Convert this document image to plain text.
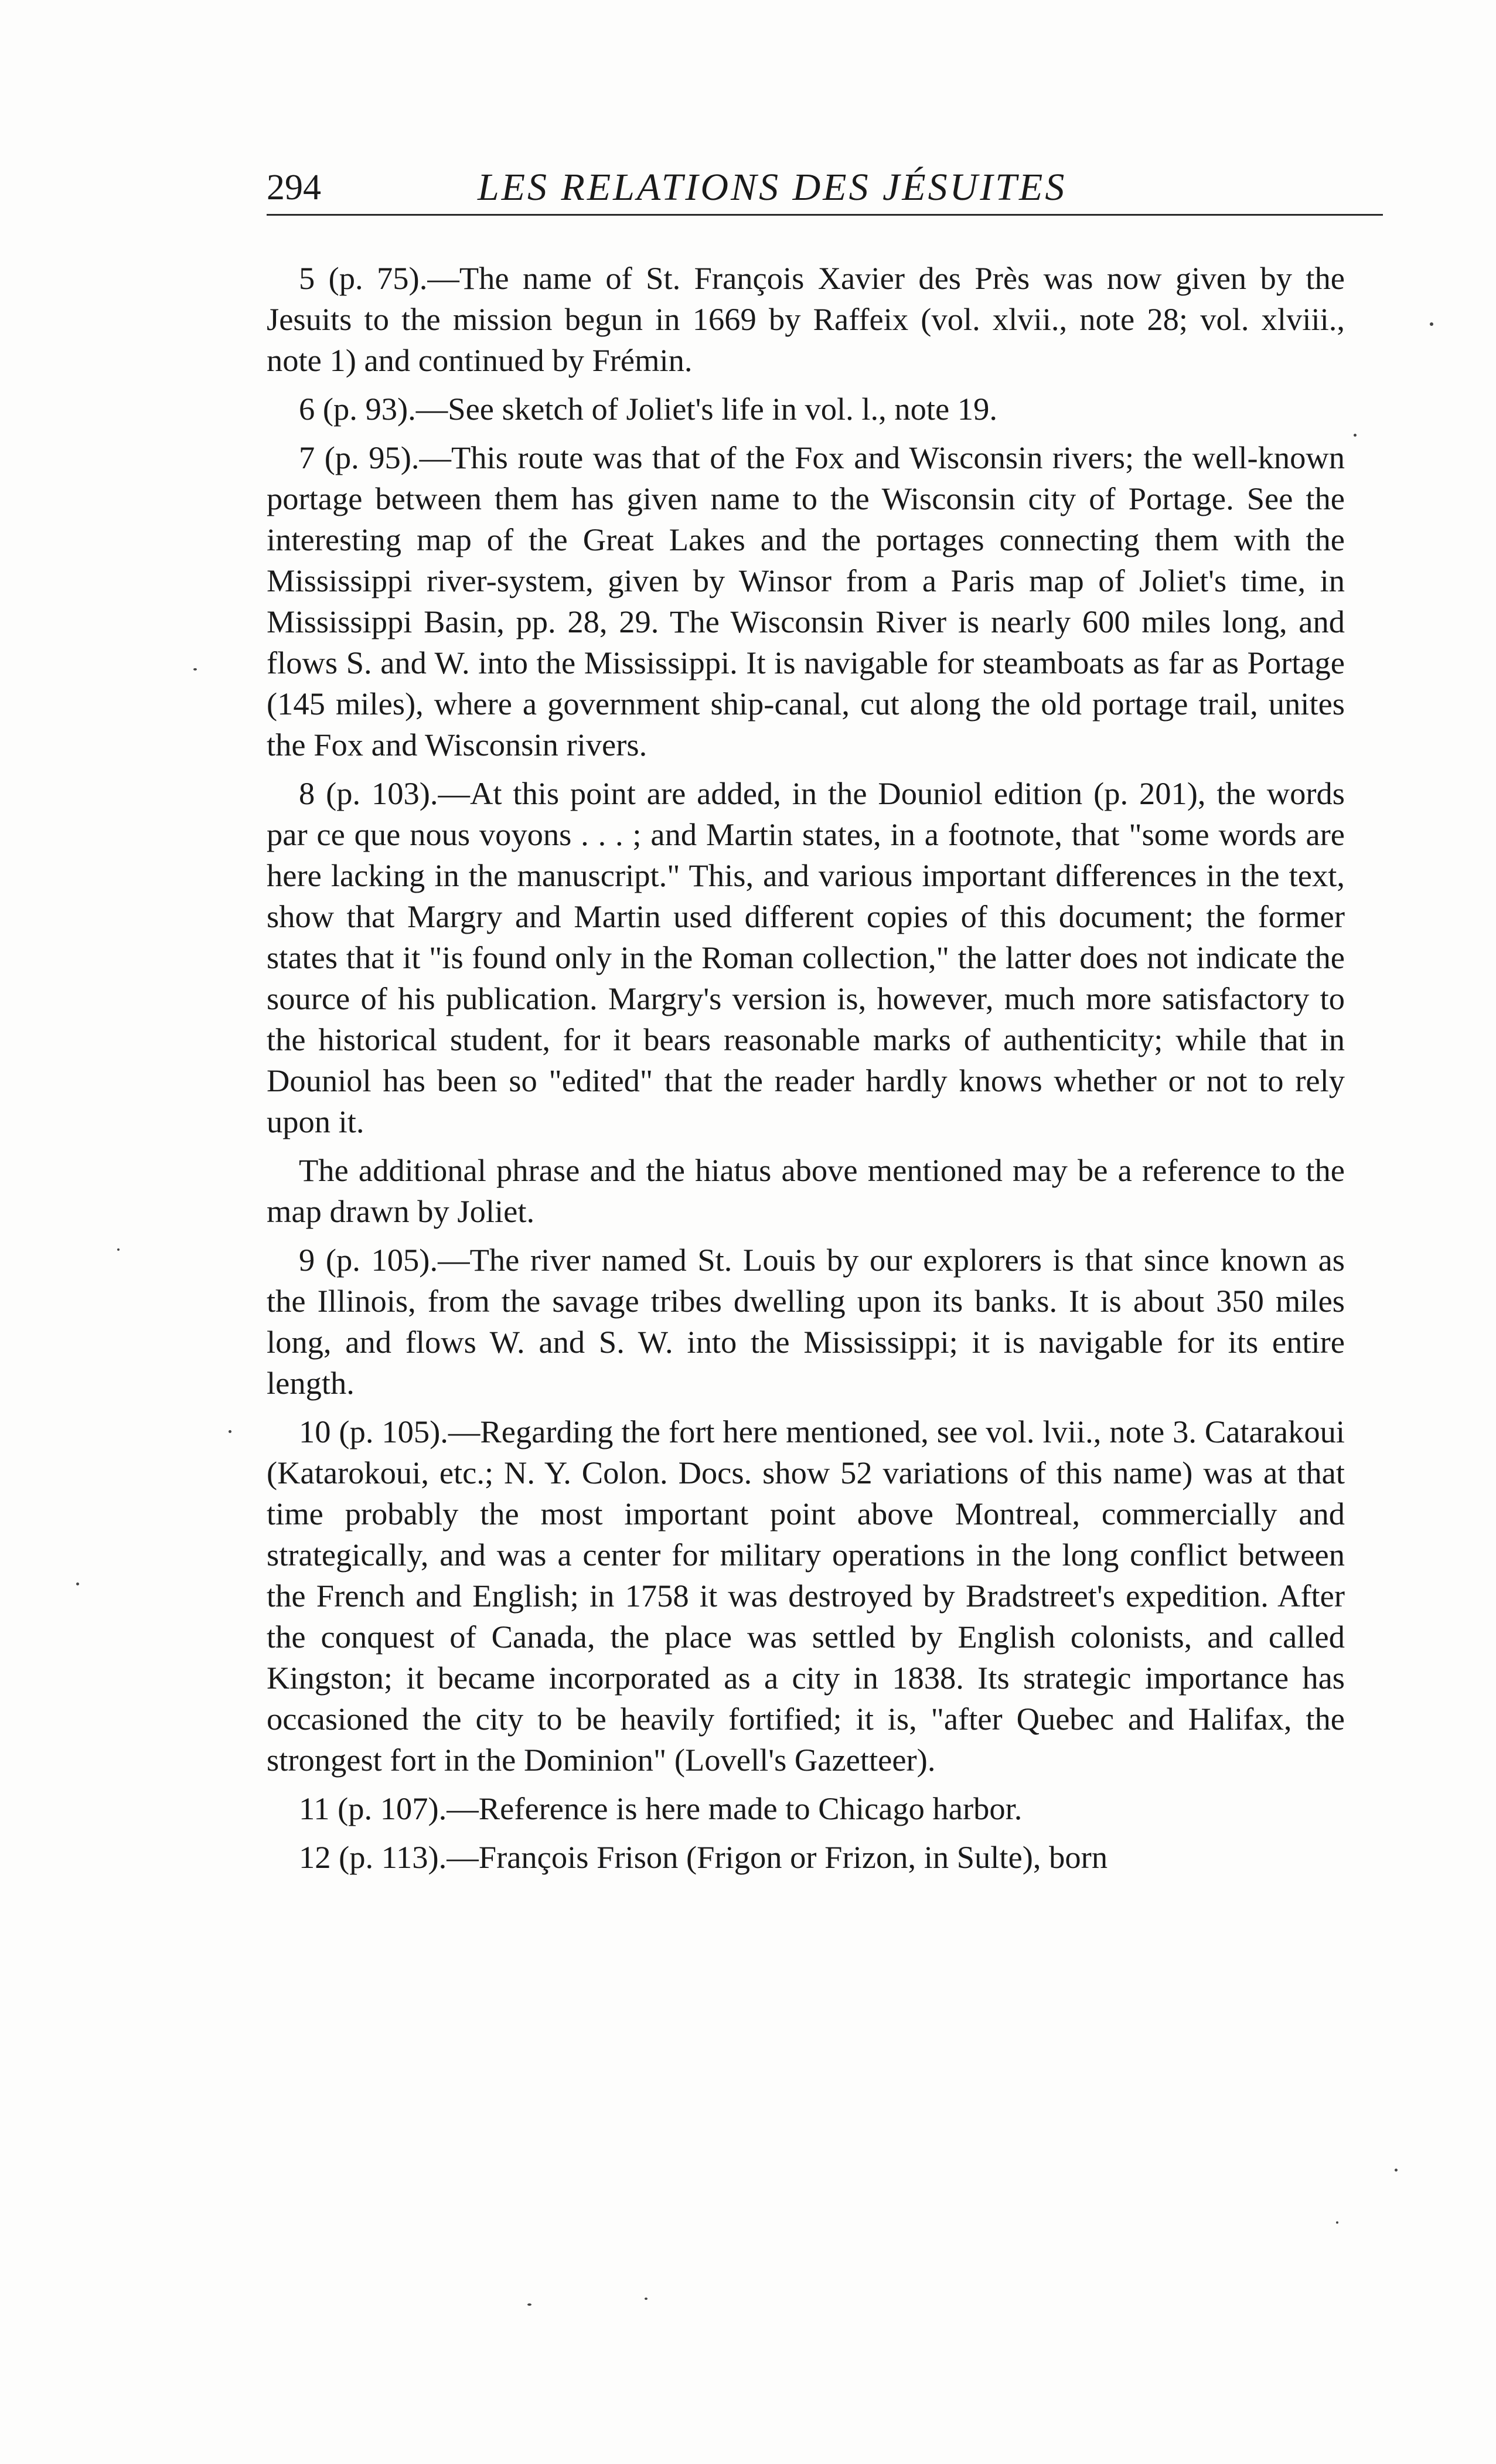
294	LES RELATIONS DES JÉSUITES

5 (p. 75).—The name of St. François Xavier des Près was now given by the Jesuits to the mission begun in 1669 by Raffeix (vol. xlvii., note 28; vol. xlviii., note 1) and continued by Frémin.

6 (p. 93).—See sketch of Joliet's life in vol. l., note 19.

7 (p. 95).—This route was that of the Fox and Wisconsin rivers; the well-known portage between them has given name to the Wisconsin city of Portage. See the interesting map of the Great Lakes and the portages connecting them with the Mississippi river-system, given by Winsor from a Paris map of Joliet's time, in Mississippi Basin, pp. 28, 29. The Wisconsin River is nearly 600 miles long, and flows S. and W. into the Mississippi. It is navigable for steamboats as far as Portage (145 miles), where a government ship-canal, cut along the old portage trail, unites the Fox and Wisconsin rivers.

8 (p. 103).—At this point are added, in the Douniol edition (p. 201), the words par ce que nous voyons . . . ; and Martin states, in a footnote, that "some words are here lacking in the manuscript." This, and various important differences in the text, show that Margry and Martin used different copies of this document; the former states that it "is found only in the Roman collection," the latter does not indicate the source of his publication. Margry's version is, however, much more satisfactory to the historical student, for it bears reasonable marks of authenticity; while that in Douniol has been so "edited" that the reader hardly knows whether or not to rely upon it.

The additional phrase and the hiatus above mentioned may be a reference to the map drawn by Joliet.

9 (p. 105).—The river named St. Louis by our explorers is that since known as the Illinois, from the savage tribes dwelling upon its banks. It is about 350 miles long, and flows W. and S. W. into the Mississippi; it is navigable for its entire length.

10 (p. 105).—Regarding the fort here mentioned, see vol. lvii., note 3. Catarakoui (Katarokoui, etc.; N. Y. Colon. Docs. show 52 variations of this name) was at that time probably the most important point above Montreal, commercially and strategically, and was a center for military operations in the long conflict between the French and English; in 1758 it was destroyed by Bradstreet's expedition. After the conquest of Canada, the place was settled by English colonists, and called Kingston; it became incorporated as a city in 1838. Its strategic importance has occasioned the city to be heavily fortified; it is, "after Quebec and Halifax, the strongest fort in the Dominion" (Lovell's Gazetteer).

11 (p. 107).—Reference is here made to Chicago harbor.

12 (p. 113).—François Frison (Frigon or Frizon, in Sulte), born
